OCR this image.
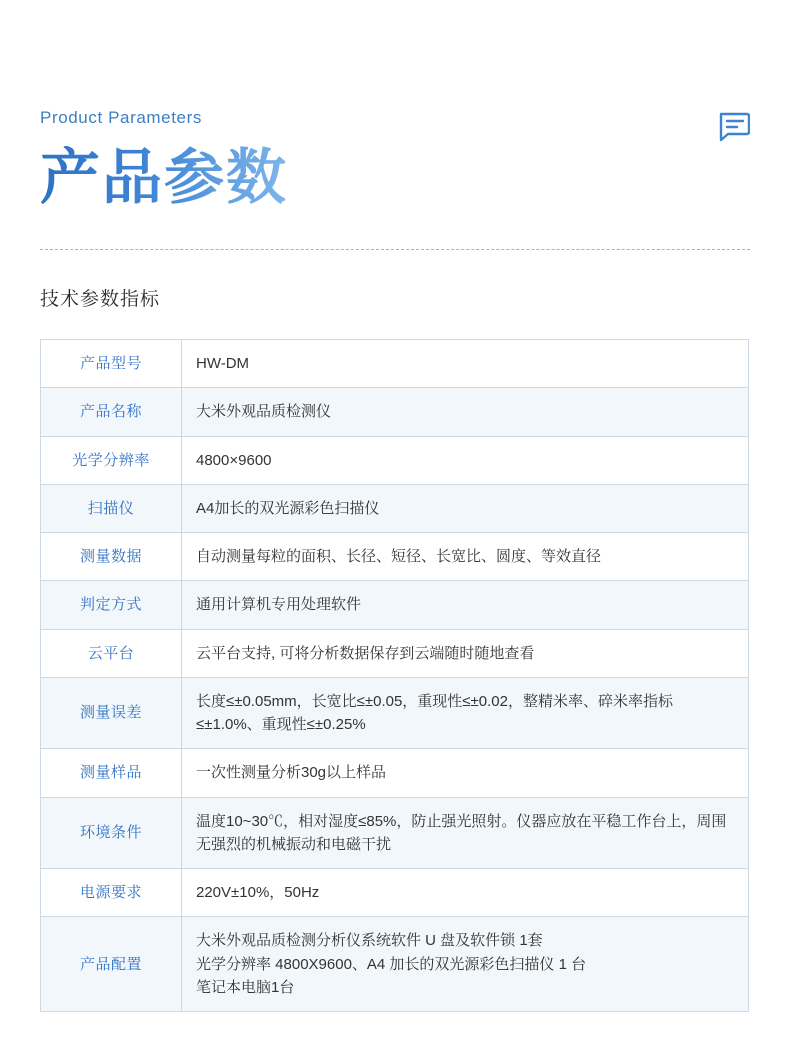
Product Parameters
产品参数
技术参数指标
产品型号	HW-DM
产品名称	大米外观品质检测仪
光学分辨率	4800×9600
扫描仪	A4加长的双光源彩色扫描仪
测量数据	自动测量每粒的面积、长径、短径、长宽比、圆度、等效直径
判定方式	通用计算机专用处理软件
云平台	云平台支持, 可将分析数据保存到云端随时随地查看
测量误差	长度≤±0.05mm，长宽比≤±0.05，重现性≤±0.02，整精米率、碎米率指标≤±1.0%、重现性≤±0.25%
测量样品	一次性测量分析30g以上样品
环境条件	温度10~30℃，相对湿度≤85%，防止强光照射。仪器应放在平稳工作台上，周围无强烈的机械振动和电磁干扰
电源要求	220V±10%，50Hz
产品配置	大米外观品质检测分析仪系统软件 U 盘及软件锁 1套
光学分辨率 4800X9600、A4 加长的双光源彩色扫描仪 1 台
笔记本电脑1台
